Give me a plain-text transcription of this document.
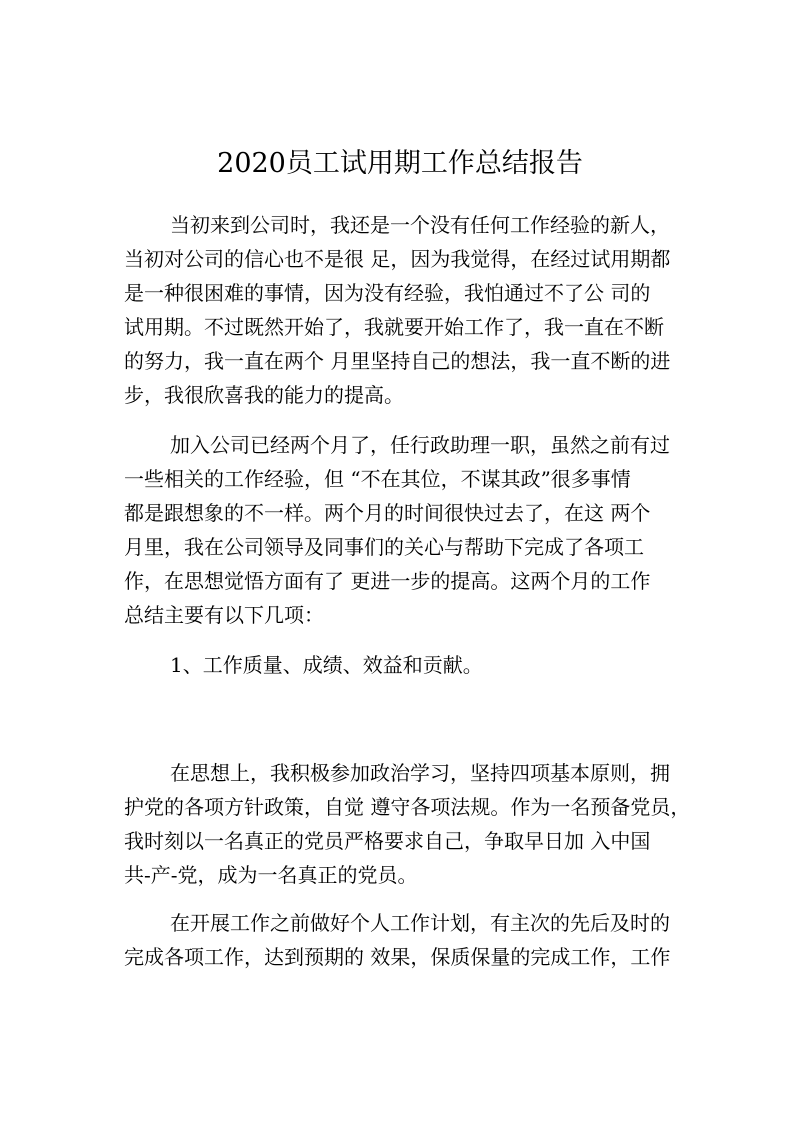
2020员工试用期工作总结报告
当初来到公司时，我还是一个没有任何工作经验的新人，
当初对公司的信心也不是很 足，因为我觉得，在经过试用期都
是一种很困难的事情，因为没有经验，我怕通过不了公 司的
试用期。不过既然开始了，我就要开始工作了，我一直在不断
的努力，我一直在两个 月里坚持自己的想法，我一直不断的进
步，我很欣喜我的能力的提高。
加入公司已经两个月了，任行政助理一职，虽然之前有过
一些相关的工作经验，但 “不在其位，不谋其政”很多事情
都是跟想象的不一样。两个月的时间很快过去了，在这 两个
月里，我在公司领导及同事们的关心与帮助下完成了各项工
作，在思想觉悟方面有了 更进一步的提高。这两个月的工作
总结主要有以下几项：
1、工作质量、成绩、效益和贡献。
在思想上，我积极参加政治学习，坚持四项基本原则，拥
护党的各项方针政策，自觉 遵守各项法规。作为一名预备党员，
我时刻以一名真正的党员严格要求自己，争取早日加 入中国
共-产-党，成为一名真正的党员。
在开展工作之前做好个人工作计划，有主次的先后及时的
完成各项工作，达到预期的 效果，保质保量的完成工作，工作
